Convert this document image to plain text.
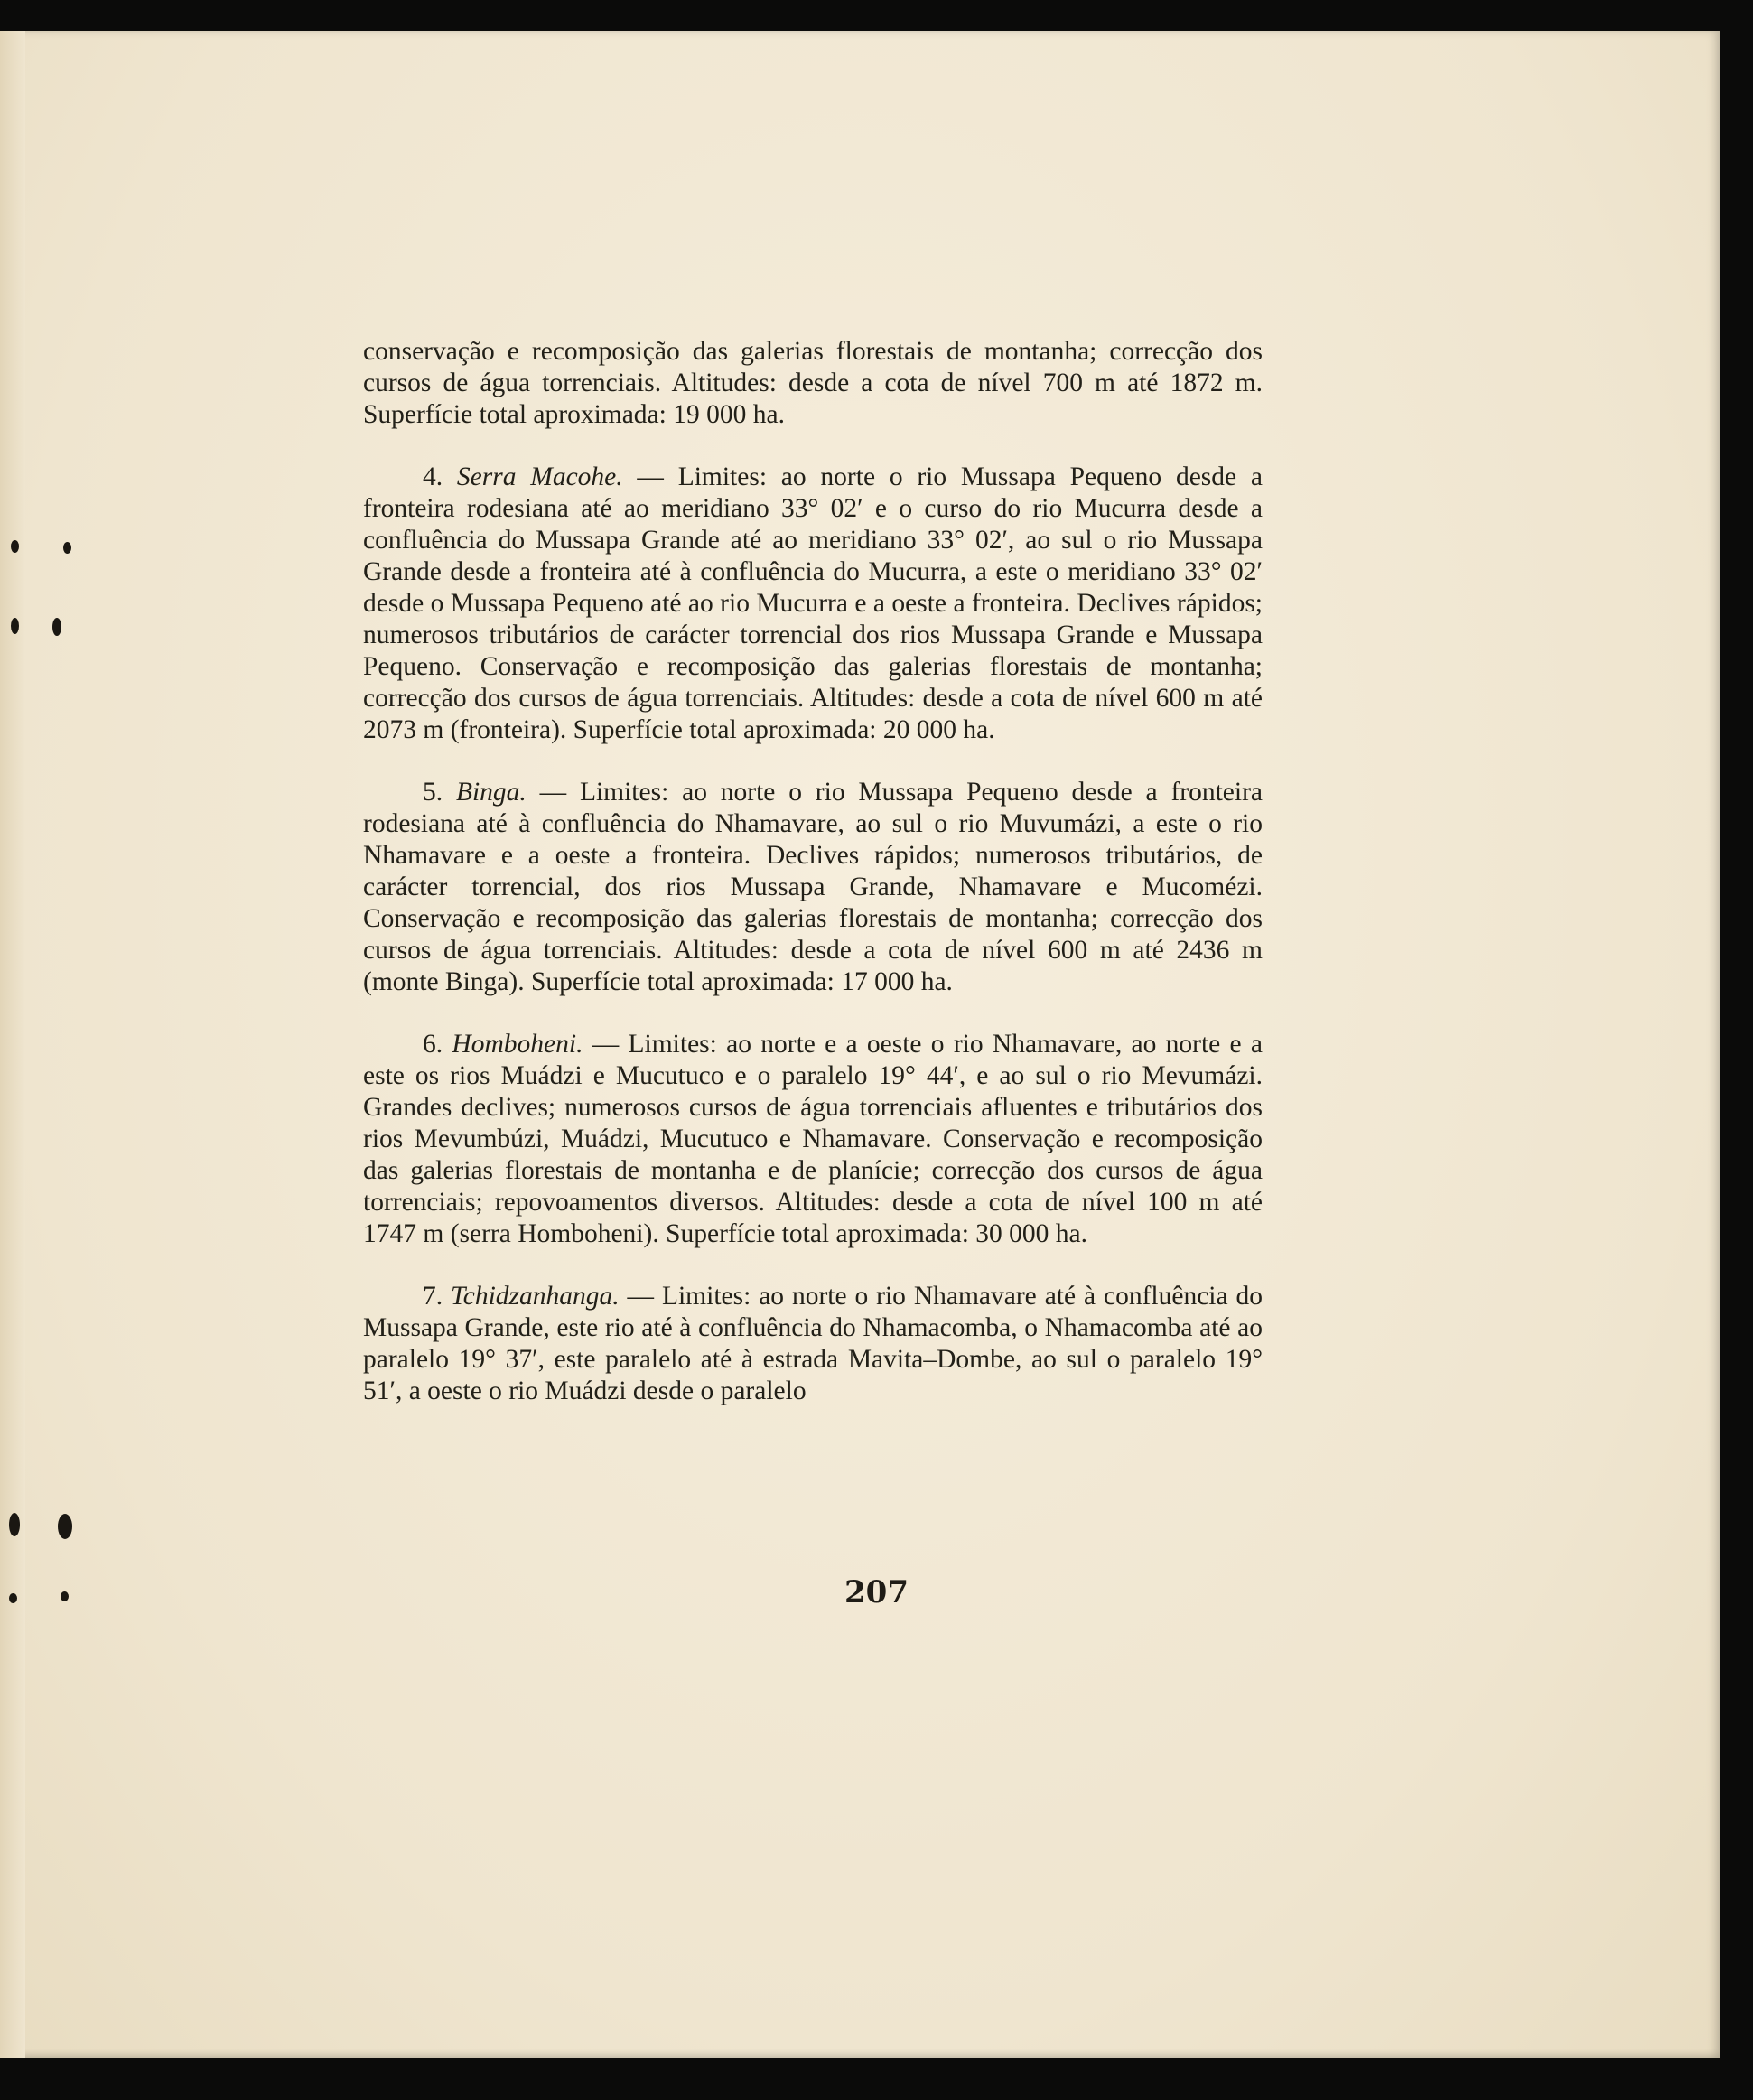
conservação e recomposição das galerias florestais de montanha; correcção dos cursos de água torrenciais. Altitudes: desde a cota de nível 700 m até 1872 m. Superfície total aproximada: 19 000 ha.

4. Serra Macohe. — Limites: ao norte o rio Mussapa Pequeno desde a fronteira rodesiana até ao meridiano 33° 02′ e o curso do rio Mucurra desde a confluência do Mussapa Grande até ao meridiano 33° 02′, ao sul o rio Mussapa Grande desde a fronteira até à confluência do Mucurra, a este o meridiano 33° 02′ desde o Mussapa Pequeno até ao rio Mucurra e a oeste a fronteira. Declives rápidos; numerosos tributários de carácter torrencial dos rios Mussapa Grande e Mussapa Pequeno. Conservação e recomposição das galerias florestais de montanha; correcção dos cursos de água torrenciais. Altitudes: desde a cota de nível 600 m até 2073 m (fronteira). Superfície total aproximada: 20 000 ha.

5. Binga. — Limites: ao norte o rio Mussapa Pequeno desde a fronteira rodesiana até à confluência do Nhamavare, ao sul o rio Muvumázi, a este o rio Nhamavare e a oeste a fronteira. Declives rápidos; numerosos tributários, de carácter torrencial, dos rios Mussapa Grande, Nhamavare e Mucomézi. Conservação e recomposição das galerias florestais de montanha; correcção dos cursos de água torrenciais. Altitudes: desde a cota de nível 600 m até 2436 m (monte Binga). Superfície total aproximada: 17 000 ha.

6. Homboheni. — Limites: ao norte e a oeste o rio Nhamavare, ao norte e a este os rios Muádzi e Mucutuco e o paralelo 19° 44′, e ao sul o rio Mevumázi. Grandes declives; numerosos cursos de água torrenciais afluentes e tributários dos rios Mevumbúzi, Muádzi, Mucutuco e Nhamavare. Conservação e recomposição das galerias florestais de montanha e de planície; correcção dos cursos de água torrenciais; repovoamentos diversos. Altitudes: desde a cota de nível 100 m até 1747 m (serra Homboheni). Superfície total aproximada: 30 000 ha.

7. Tchidzanhanga. — Limites: ao norte o rio Nhamavare até à confluência do Mussapa Grande, este rio até à confluência do Nhamacomba, o Nhamacomba até ao paralelo 19° 37′, este paralelo até à estrada Mavita–Dombe, ao sul o paralelo 19° 51′, a oeste o rio Muádzi desde o paralelo

207
